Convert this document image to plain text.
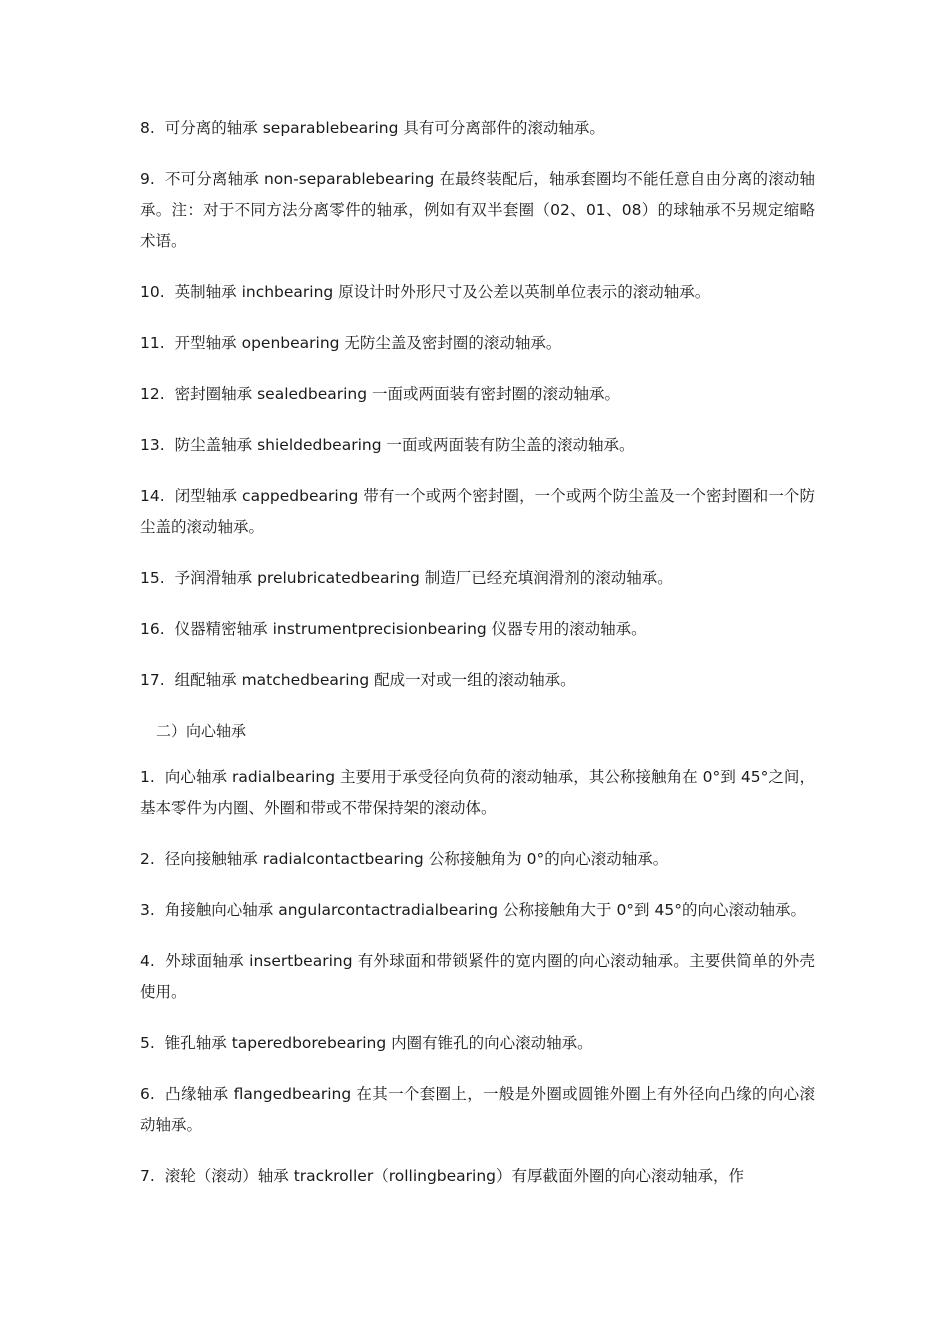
8. 可分离的轴承 separablebearing 具有可分离部件的滚动轴承。

9. 不可分离轴承 non-separablebearing 在最终装配后，轴承套圈均不能任意自由分离的滚动轴承。注：对于不同方法分离零件的轴承，例如有双半套圈（02、01、08）的球轴承不另规定缩略术语。

10. 英制轴承 inchbearing 原设计时外形尺寸及公差以英制单位表示的滚动轴承。

11. 开型轴承 openbearing 无防尘盖及密封圈的滚动轴承。

12. 密封圈轴承 sealedbearing 一面或两面装有密封圈的滚动轴承。

13. 防尘盖轴承 shieldedbearing 一面或两面装有防尘盖的滚动轴承。

14. 闭型轴承 cappedbearing 带有一个或两个密封圈，一个或两个防尘盖及一个密封圈和一个防尘盖的滚动轴承。

15. 予润滑轴承 prelubricatedbearing 制造厂已经充填润滑剂的滚动轴承。

16. 仪器精密轴承 instrumentprecisionbearing 仪器专用的滚动轴承。

17. 组配轴承 matchedbearing 配成一对或一组的滚动轴承。

二）向心轴承

1. 向心轴承 radialbearing 主要用于承受径向负荷的滚动轴承，其公称接触角在 0°到 45°之间，基本零件为内圈、外圈和带或不带保持架的滚动体。

2. 径向接触轴承 radialcontactbearing 公称接触角为 0°的向心滚动轴承。

3. 角接触向心轴承 angularcontactradialbearing 公称接触角大于 0°到 45°的向心滚动轴承。

4. 外球面轴承 insertbearing 有外球面和带锁紧件的宽内圈的向心滚动轴承。主要供简单的外壳使用。

5. 锥孔轴承 taperedborebearing 内圈有锥孔的向心滚动轴承。

6. 凸缘轴承 flangedbearing 在其一个套圈上，一般是外圈或圆锥外圈上有外径向凸缘的向心滚动轴承。

7. 滚轮（滚动）轴承 trackroller（rollingbearing）有厚截面外圈的向心滚动轴承，作
